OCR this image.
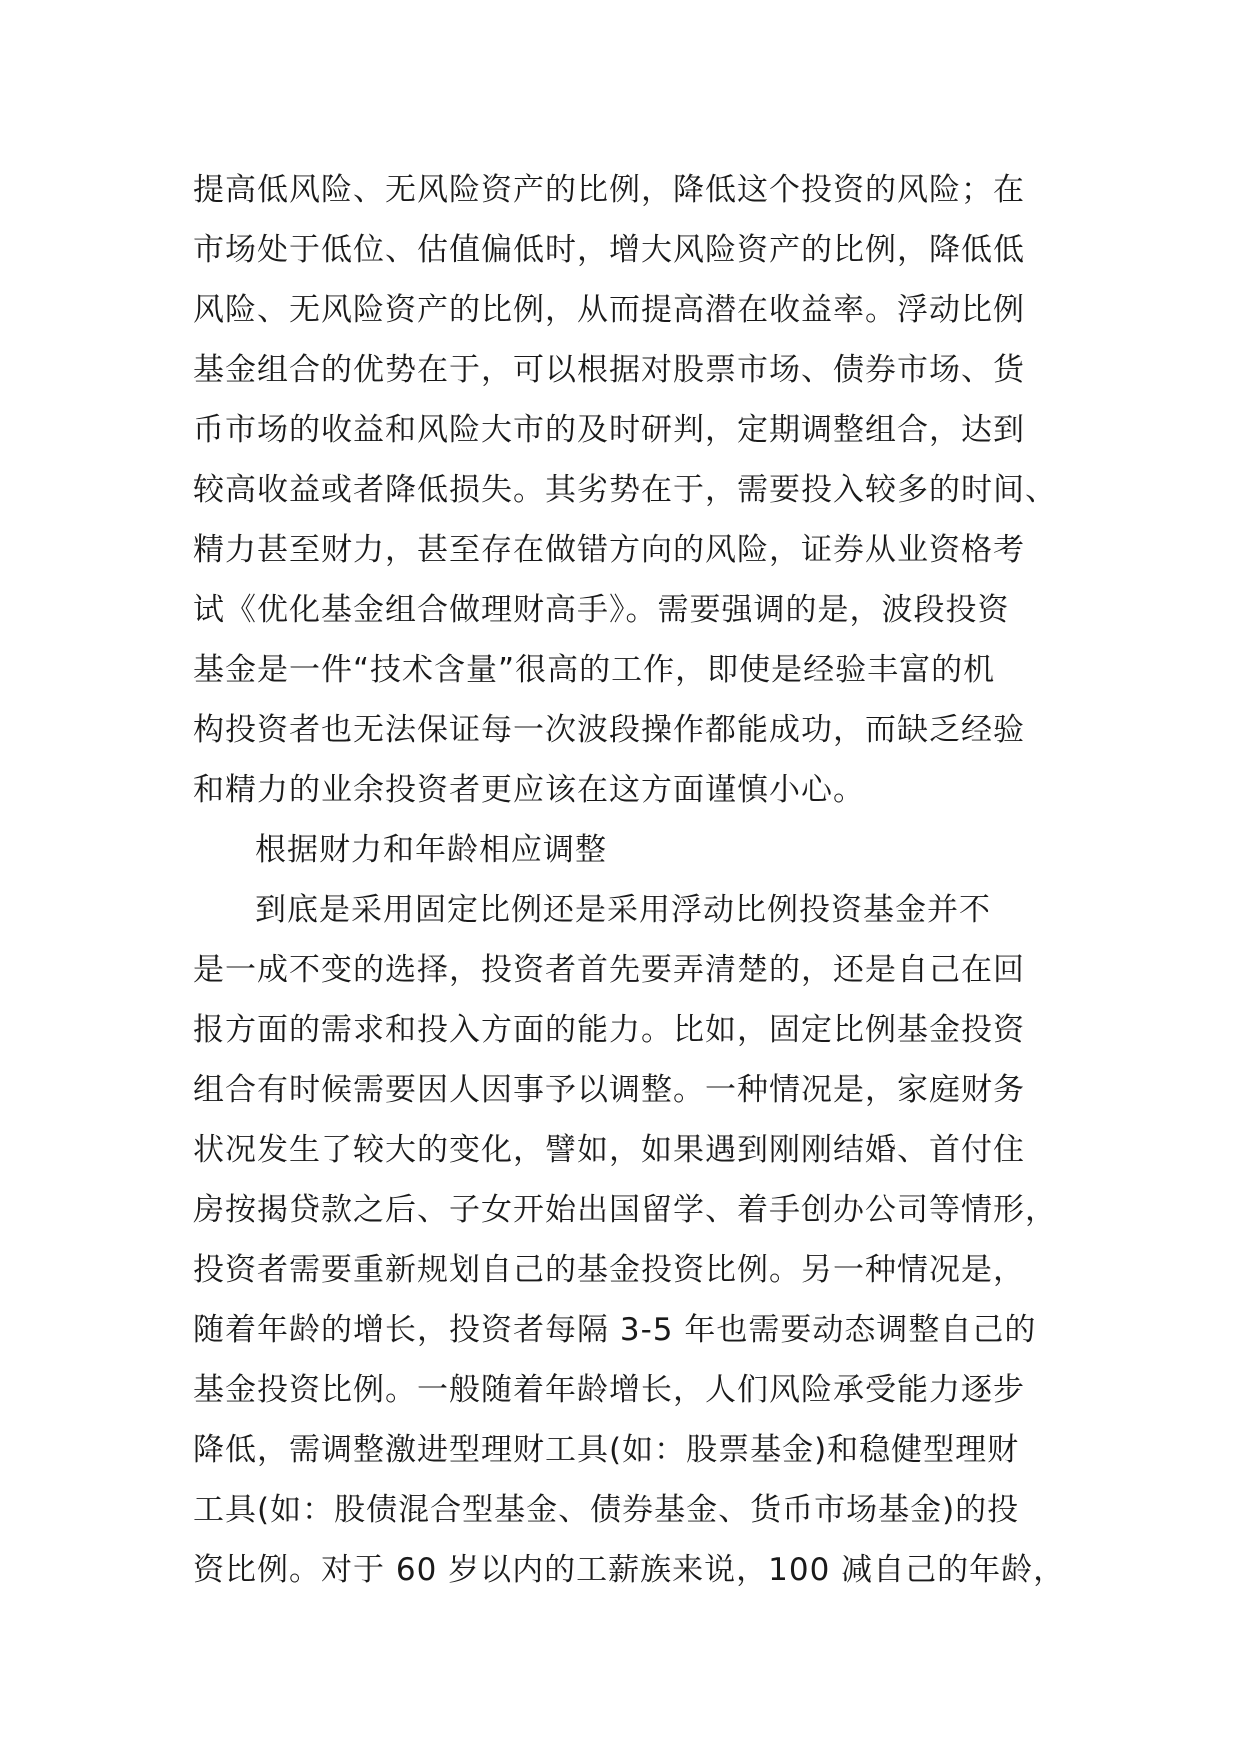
提高低风险、无风险资产的比例，降低这个投资的风险；在
市场处于低位、估值偏低时，增大风险资产的比例，降低低
风险、无风险资产的比例，从而提高潜在收益率。浮动比例
基金组合的优势在于，可以根据对股票市场、债券市场、货
币市场的收益和风险大市的及时研判，定期调整组合，达到
较高收益或者降低损失。其劣势在于，需要投入较多的时间、
精力甚至财力，甚至存在做错方向的风险，证券从业资格考
试《优化基金组合做理财高手》。需要强调的是，波段投资
基金是一件“技术含量”很高的工作，即使是经验丰富的机
构投资者也无法保证每一次波段操作都能成功，而缺乏经验
和精力的业余投资者更应该在这方面谨慎小心。
根据财力和年龄相应调整
到底是采用固定比例还是采用浮动比例投资基金并不
是一成不变的选择，投资者首先要弄清楚的，还是自己在回
报方面的需求和投入方面的能力。比如，固定比例基金投资
组合有时候需要因人因事予以调整。一种情况是，家庭财务
状况发生了较大的变化，譬如，如果遇到刚刚结婚、首付住
房按揭贷款之后、子女开始出国留学、着手创办公司等情形，
投资者需要重新规划自己的基金投资比例。另一种情况是，
随着年龄的增长，投资者每隔 3-5 年也需要动态调整自己的
基金投资比例。一般随着年龄增长，人们风险承受能力逐步
降低，需调整激进型理财工具(如：股票基金)和稳健型理财
工具(如：股债混合型基金、债券基金、货币市场基金)的投
资比例。对于 60 岁以内的工薪族来说，100 减自己的年龄，
